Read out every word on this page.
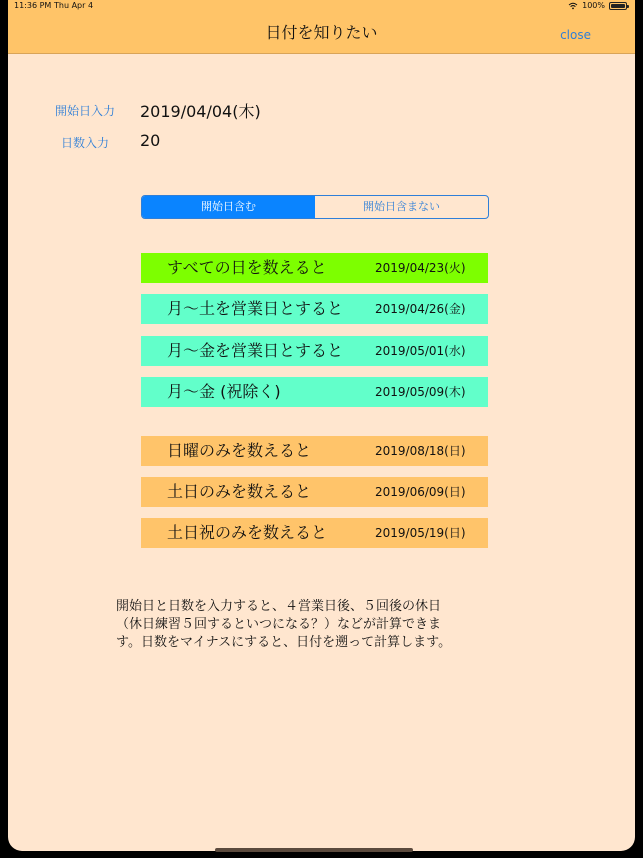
11:36 PM Thu Apr 4	100%
日付を知りたい	close
開始日入力 2019/04/04(木)
日数入力 20
開始日含む	開始日含まない
すべての日を数えると	2019/04/23(火)
月～土を営業日とすると	2019/04/26(金)
月～金を営業日とすると	2019/05/01(水)
月～金 (祝除く)	2019/05/09(木)
日曜のみを数えると	2019/08/18(日)
土日のみを数えると	2019/06/09(日)
土日祝のみを数えると	2019/05/19(日)
開始日と日数を入力すると、４営業日後、５回後の休日
（休日練習５回するといつになる？）などが計算できま
す。日数をマイナスにすると、日付を遡って計算します。
